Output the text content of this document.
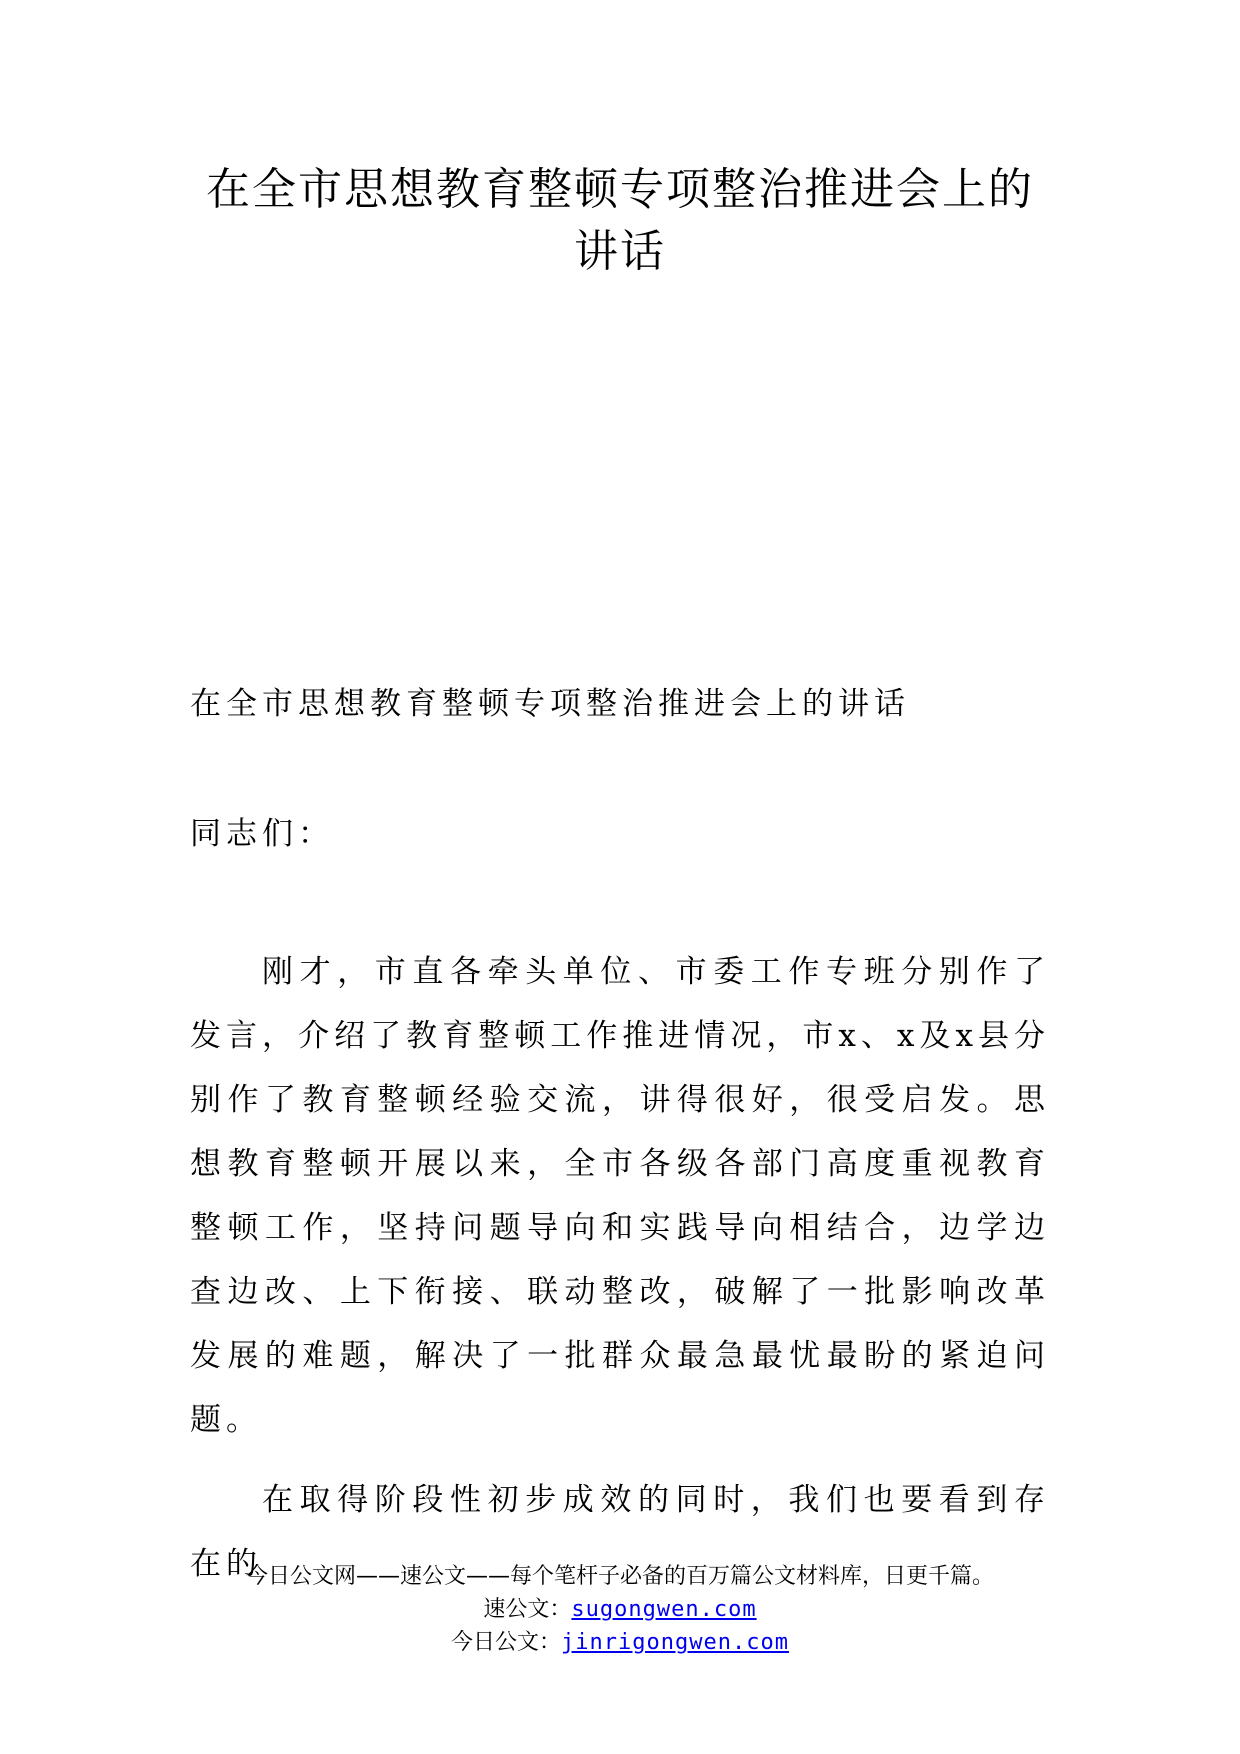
在全市思想教育整顿专项整治推进会上的
讲话

在全市思想教育整顿专项整治推进会上的讲话

同志们：

刚才，市直各牵头单位、市委工作专班分别作了发言，介绍了教育整顿工作推进情况，市x、x及x县分别作了教育整顿经验交流，讲得很好，很受启发。思想教育整顿开展以来，全市各级各部门高度重视教育整顿工作，坚持问题导向和实践导向相结合，边学边查边改、上下衔接、联动整改，破解了一批影响改革发展的难题，解决了一批群众最急最忧最盼的紧迫问题。

在取得阶段性初步成效的同时，我们也要看到存在的

今日公文网——速公文——每个笔杆子必备的百万篇公文材料库，日更千篇。
速公文：sugongwen.com
今日公文：jinrigongwen.com
